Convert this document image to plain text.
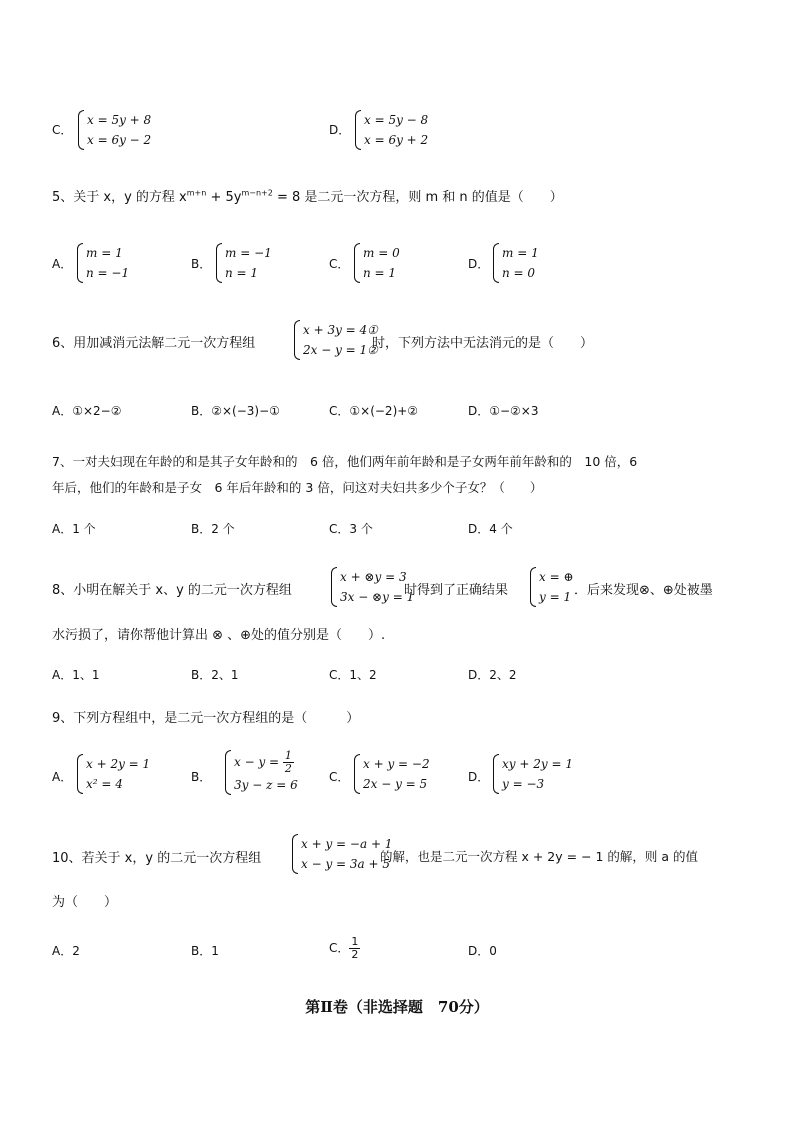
C．
x = 5y + 8
x = 6y − 2
D．
x = 5y − 8
x = 6y + 2
5、关于 x，y 的方程 $x^{m+n} + 5y^{m-n+2} = 8$ 是二元一次方程，则 m 和 n 的值是（　　）
A．
m = 1
n = −1
B．
m = −1
n = 1
C．
m = 0
n = 1
D．
m = 1
n = 0
6、用加减消元法解二元一次方程组
x + 3y = 4①
2x − y = 1②
时，下列方法中无法消元的是（　　）
A．①×2−②	B．②×(−3)−①	C．①×(−2)+②	D．①−②×3
7、一对夫妇现在年龄的和是其子女年龄和的　6 倍，他们两年前年龄和是子女两年前年龄和的　10 倍，6
年后，他们的年龄和是子女　6 年后年龄和的 3 倍，问这对夫妇共多少个子女？（　　）
A．1 个	B．2 个	C．3 个	D．4 个
8、小明在解关于 x、y 的二元一次方程组
x + ⊗y = 3
3x − ⊗y = 1
时得到了正确结果
x = ⊕
y = 1 ．后来发现⊗、⊕处被墨
水污损了，请你帮他计算出 ⊗ 、⊕处的值分别是（　　）.
A．1、1	B．2、1	C．1、2	D．2、2
9、下列方程组中，是二元一次方程组的是（　　　）
A．
x + 2y = 1
x² = 4	B．
$x - y = \frac{1}{2}$
3y − z = 6
C．
x + y = −2
2x − y = 5	D．
xy + 2y = 1
y = −3
10、若关于 x，y 的二元一次方程组
x + y = −a + 1
x − y = 3a + 5
的解，也是二元一次方程 x + 2y = − 1 的解，则 a 的值
为（　　）
A．2	B．1	C． $\frac{1}{2}$	D．0
第Ⅱ卷（非选择题　70分）
